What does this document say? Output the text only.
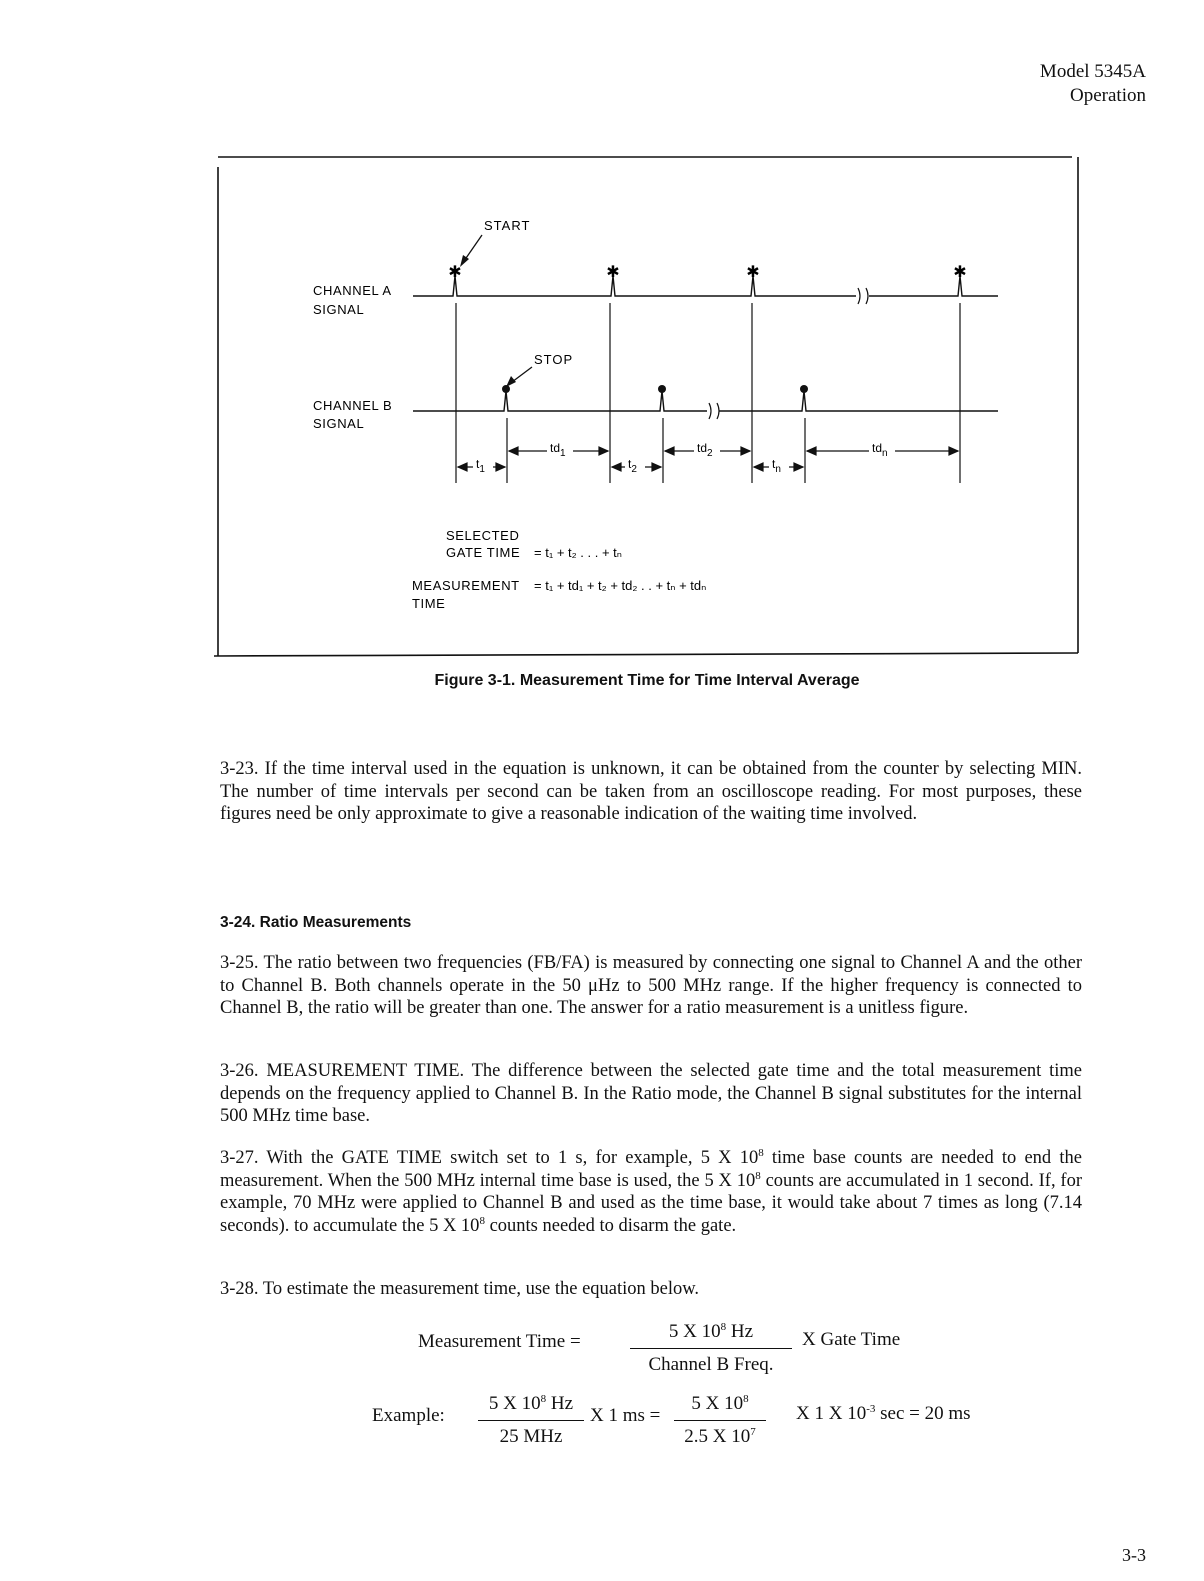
Model 5345A
Operation
START
CHANNEL A
SIGNAL
✱	✱	✱	✱
STOP
CHANNEL B
SIGNAL
$t_1$
$td_1$
$t_2$
$td_2$
$t_n$
$td_n$
SELECTED
GATE TIME = t₁ + t₂ . . . + tₙ
MEASUREMENT
TIME
= t₁ + td₁ + t₂ + td₂ . . + tₙ + tdₙ
Figure 3-1. Measurement Time for Time Interval Average
3-23. If the time interval used in the equation is unknown, it can be obtained from the counter by selecting MIN. The number of time intervals per second can be taken from an oscilloscope reading. For most purposes, these figures need be only approximate to give a reasonable indication of the waiting time involved.
3-24. Ratio Measurements
3-25. The ratio between two frequencies (FB/FA) is measured by connecting one signal to Channel A and the other to Channel B. Both channels operate in the 50 μHz to 500 MHz range. If the higher frequency is connected to Channel B, the ratio will be greater than one. The answer for a ratio measurement is a unitless figure.
3-26. MEASUREMENT TIME. The difference between the selected gate time and the total measurement time depends on the frequency applied to Channel B. In the Ratio mode, the Channel B signal substitutes for the internal 500 MHz time base.
3-27. With the GATE TIME switch set to 1 s, for example, 5 X $10^8$ time base counts are needed to end the measurement. When the 500 MHz internal time base is used, the 5 X $10^8$ counts are accumulated in 1 second. If, for example, 70 MHz were applied to Channel B and used as the time base, it would take about 7 times as long (7.14 seconds). to accumulate the 5 X $10^8$ counts needed to disarm the gate.
3-28. To estimate the measurement time, use the equation below.
Measurement Time =	5 X $10^8$ Hz
Channel B Freq.
X Gate Time
Example:
5 X $10^8$ Hz
25 MHz
X 1 ms = $\frac{5 X 10^8}{2.5 X 10^7}$ X 1 X $10^{-3}$ sec = 20 ms
3-3
